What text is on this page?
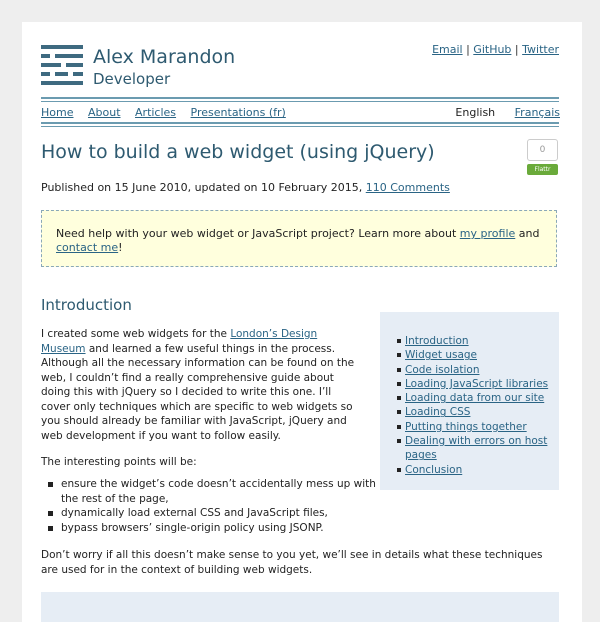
Alex Marandon
Developer
Email | GitHub | Twitter
Home About Articles Presentations (fr)	English Français
How to build a web widget (using jQuery)	0
Flattr
Published on 15 June 2010, updated on 10 February 2015, 110 Comments
Need help with your web widget or JavaScript project? Learn more about my profile and contact me!
Introduction

I created some web widgets for the London’s Design Museum and learned a few useful things in the process. Although all the necessary information can be found on the web, I couldn’t find a really comprehensive guide about doing this with jQuery so I decided to write this one. I’ll cover only techniques which are specific to web widgets so you should already be familiar with JavaScript, jQuery and web development if you want to follow easily.

The interesting points will be:

ensure the widget’s code doesn’t accidentally mess up with the rest of the page,
dynamically load external CSS and JavaScript files,
bypass browsers’ single-origin policy using JSONP.
Introduction
Widget usage
Code isolation
Loading JavaScript libraries
Loading data from our site
Loading CSS
Putting things together
Dealing with errors on host pages
Conclusion

Don’t worry if all this doesn’t make sense to you yet, we’ll see in details what these techniques are used for in the context of building web widgets.
